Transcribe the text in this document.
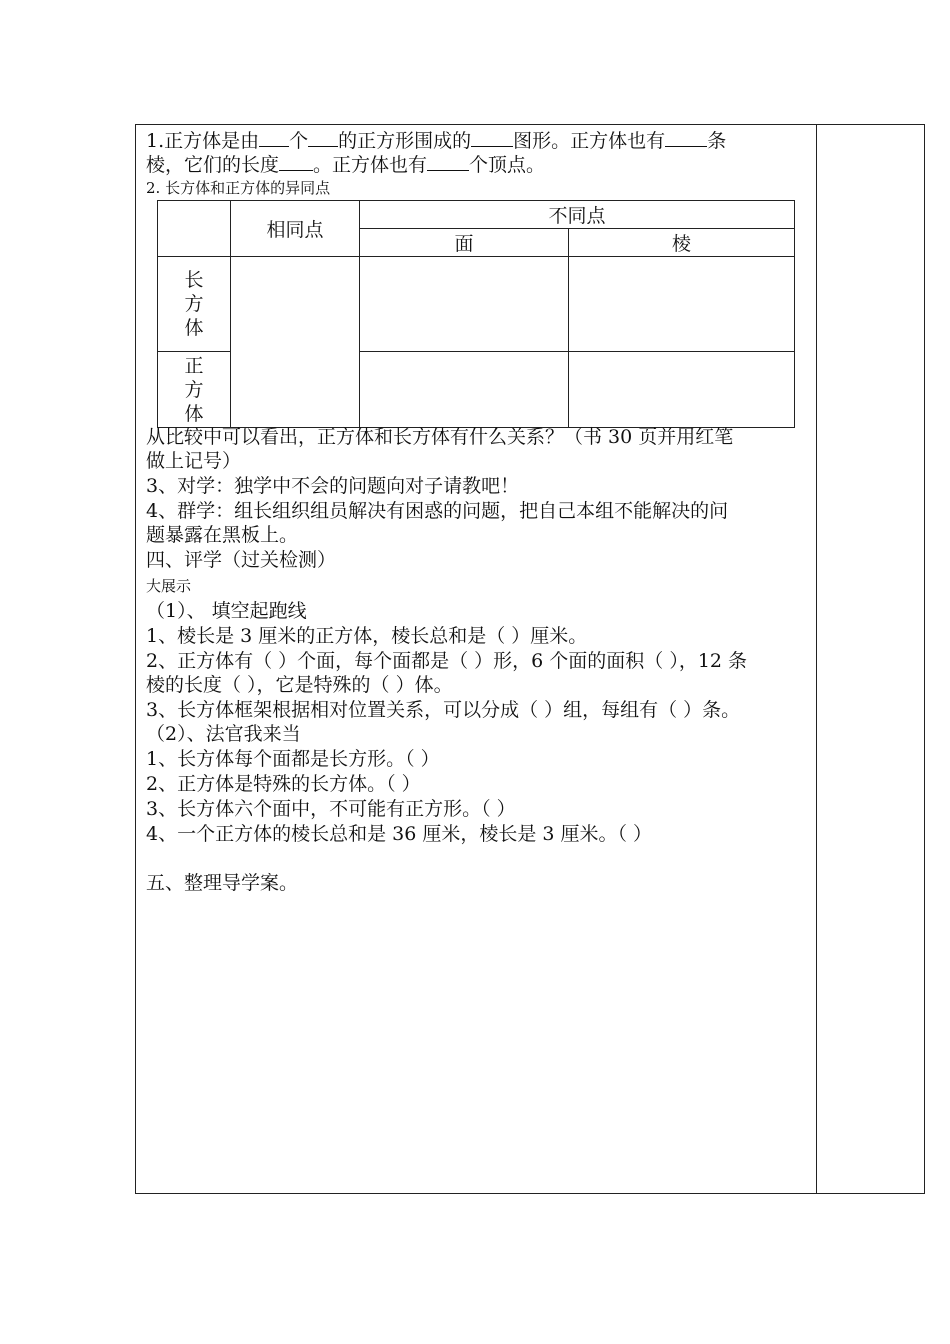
1.正方体是由 个 的正方形围成的 图形。正方体也有 条
棱，它们的长度 。正方体也有 个顶点。
2. 长方体和正方体的异同点
	相同点	不同点	
		面	棱

长方体			

正方体			

从比较中可以看出，正方体和长方体有什么关系？（书 30 页并用红笔
做上记号）
3、对学：独学中不会的问题向对子请教吧！
4、群学：组长组织组员解决有困惑的问题，把自己本组不能解决的问
题暴露在黑板上。
四、评学（过关检测）
大展示
（1）、 填空起跑线
1、棱长是 3 厘米的正方体，棱长总和是（ ）厘米。
2、正方体有（ ）个面，每个面都是（ ）形，6 个面的面积（ ），12 条
棱的长度（ ），它是特殊的（ ）体。
3、长方体框架根据相对位置关系，可以分成（ ）组，每组有（ ）条。
（2）、法官我来当
1、长方体每个面都是长方形。（ ）
2、正方体是特殊的长方体。（ ）
3、长方体六个面中，不可能有正方形。（ ）
4、一个正方体的棱长总和是 36 厘米，棱长是 3 厘米。（ ）
五、整理导学案。
